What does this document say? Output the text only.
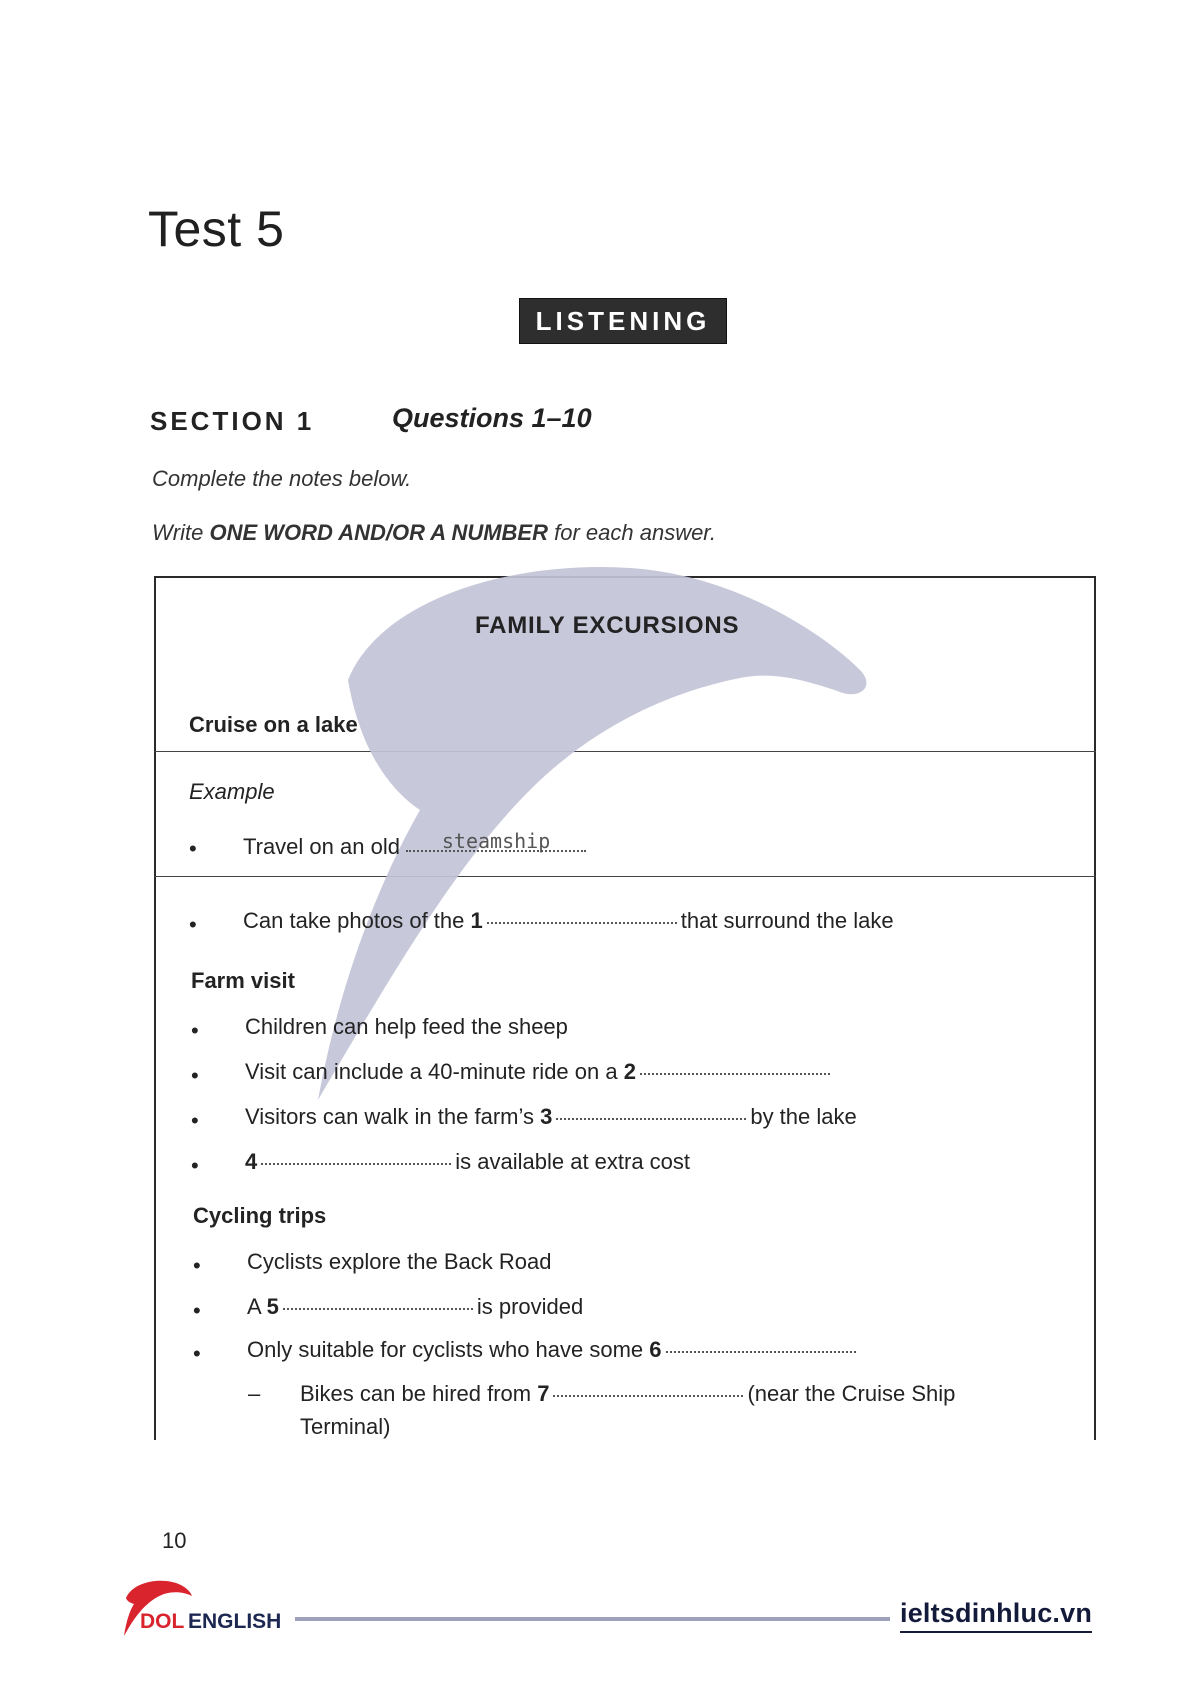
Test 5
LISTENING
SECTION 1	Questions 1–10
Complete the notes below.
Write ONE WORD AND/OR A NUMBER for each answer.
FAMILY EXCURSIONS
Cruise on a lake
Example
• Travel on an old steamship
• Can take photos of the 1	that surround the lake
Farm visit
• Children can help feed the sheep
• Visit can include a 40-minute ride on a 2
• Visitors can walk in the farm’s 3	by the lake
• 4	is available at extra cost
Cycling trips
• Cyclists explore the Back Road
• A 5	is provided
• Only suitable for cyclists who have some 6
– Bikes can be hired from 7	(near the Cruise Ship
Terminal)
10
DOL ENGLISH	ieltsdinhluc.vn
